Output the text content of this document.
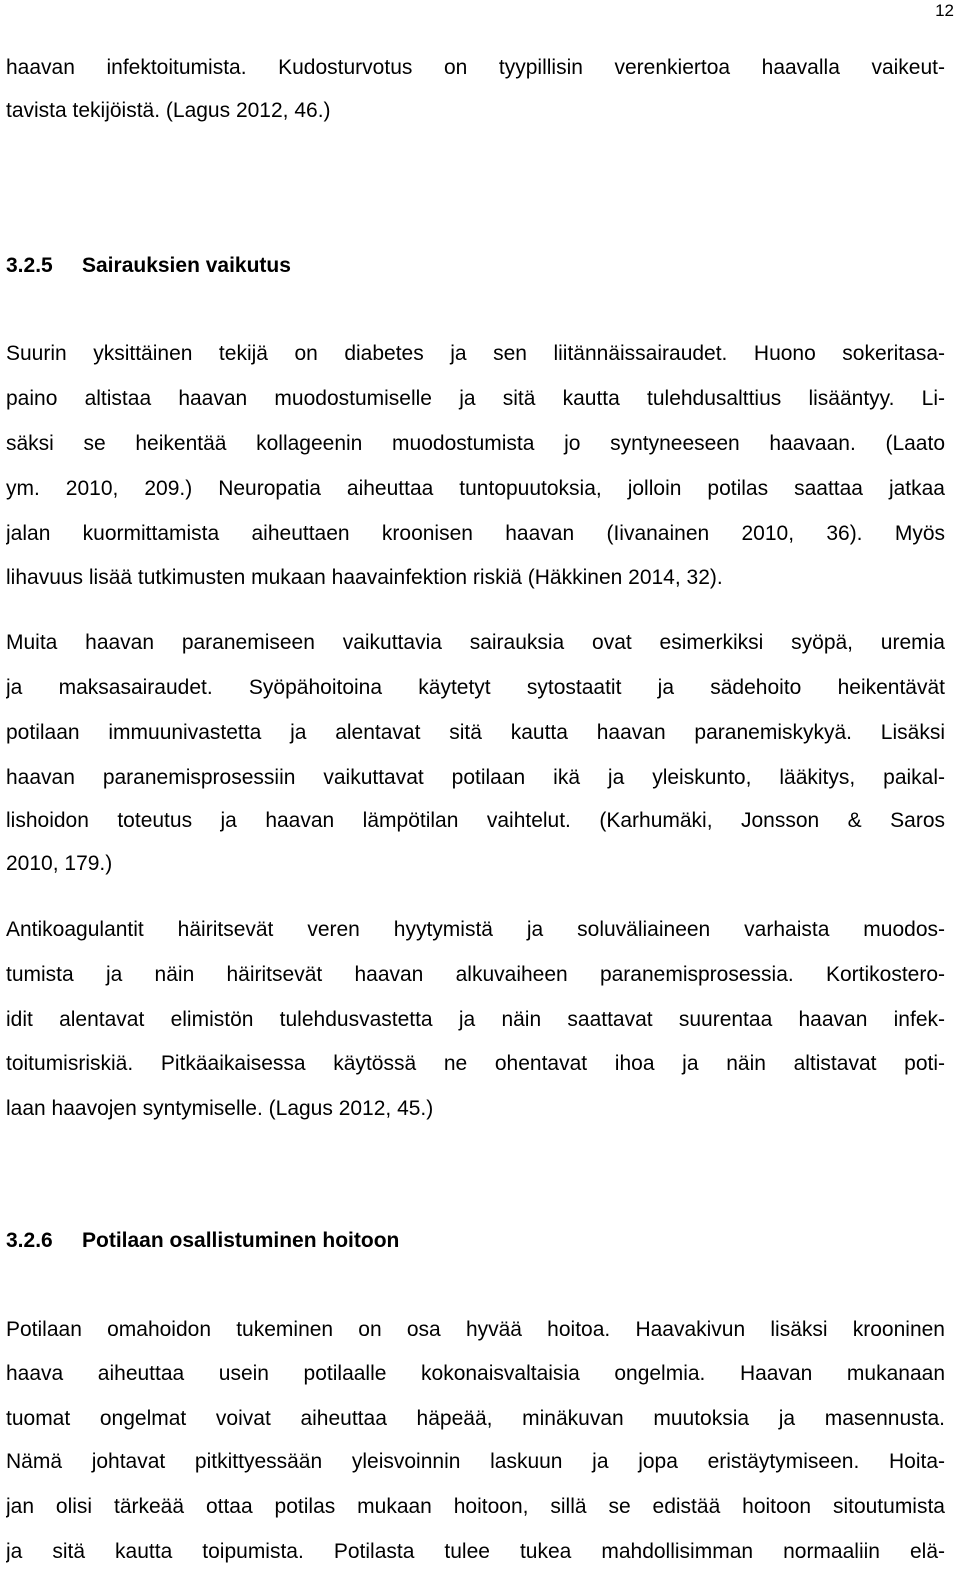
12
haavan infektoitumista. Kudosturvotus on tyypillisin verenkiertoa haavalla vaikeut-
tavista tekijöistä. (Lagus 2012, 46.)
3.2.5 Sairauksien vaikutus
Suurin yksittäinen tekijä on diabetes ja sen liitännäissairaudet. Huono sokeritasa-
paino altistaa haavan muodostumiselle ja sitä kautta tulehdusalttius lisääntyy. Li-
säksi se heikentää kollageenin muodostumista jo syntyneeseen haavaan. (Laato
ym. 2010, 209.) Neuropatia aiheuttaa tuntopuutoksia, jolloin potilas saattaa jatkaa
jalan kuormittamista aiheuttaen kroonisen haavan (Iivanainen 2010, 36). Myös
lihavuus lisää tutkimusten mukaan haavainfektion riskiä (Häkkinen 2014, 32).
Muita haavan paranemiseen vaikuttavia sairauksia ovat esimerkiksi syöpä, uremia
ja maksasairaudet. Syöpähoitoina käytetyt sytostaatit ja sädehoito heikentävät
potilaan immuunivastetta ja alentavat sitä kautta haavan paranemiskykyä. Lisäksi
haavan paranemisprosessiin vaikuttavat potilaan ikä ja yleiskunto, lääkitys, paikal-
lishoidon toteutus ja haavan lämpötilan vaihtelut. (Karhumäki, Jonsson & Saros
2010, 179.)
Antikoagulantit häiritsevät veren hyytymistä ja soluväliaineen varhaista muodos-
tumista ja näin häiritsevät haavan alkuvaiheen paranemisprosessia. Kortikostero-
idit alentavat elimistön tulehdusvastetta ja näin saattavat suurentaa haavan infek-
toitumisriskiä. Pitkäaikaisessa käytössä ne ohentavat ihoa ja näin altistavat poti-
laan haavojen syntymiselle. (Lagus 2012, 45.)
3.2.6 Potilaan osallistuminen hoitoon
Potilaan omahoidon tukeminen on osa hyvää hoitoa. Haavakivun lisäksi krooninen
haava aiheuttaa usein potilaalle kokonaisvaltaisia ongelmia. Haavan mukanaan
tuomat ongelmat voivat aiheuttaa häpeää, minäkuvan muutoksia ja masennusta.
Nämä johtavat pitkittyessään yleisvoinnin laskuun ja jopa eristäytymiseen. Hoita-
jan olisi tärkeää ottaa potilas mukaan hoitoon, sillä se edistää hoitoon sitoutumista
ja sitä kautta toipumista. Potilasta tulee tukea mahdollisimman normaaliin elä-
